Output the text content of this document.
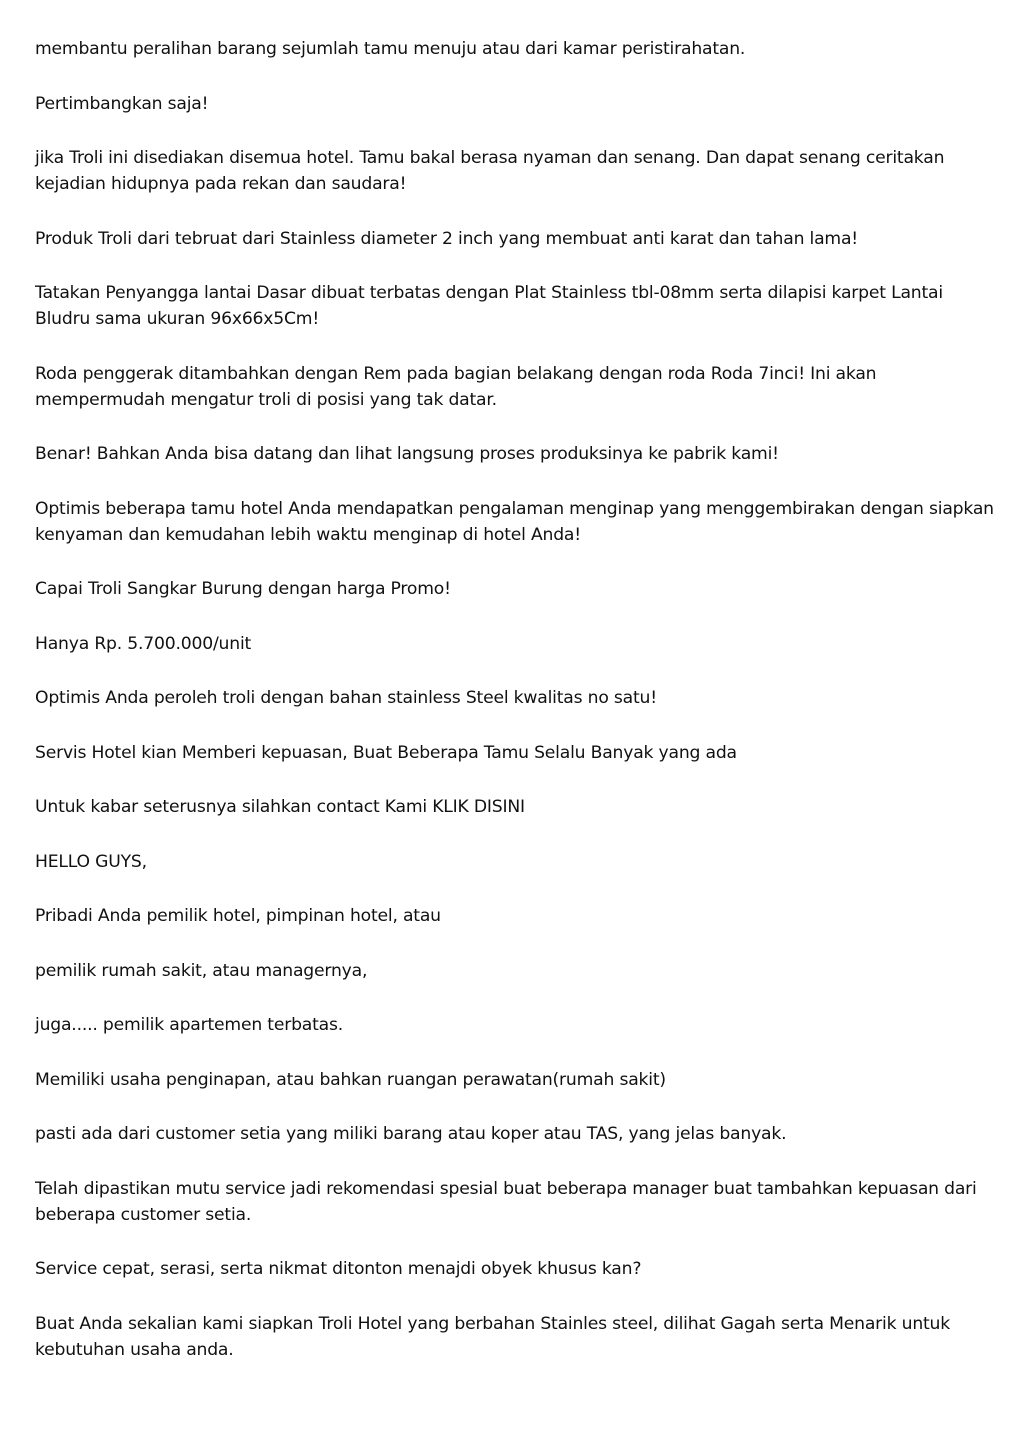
membantu peralihan barang sejumlah tamu menuju atau dari kamar peristirahatan.

Pertimbangkan saja!

jika Troli ini disediakan disemua hotel. Tamu bakal berasa nyaman dan senang. Dan dapat senang ceritakan kejadian hidupnya pada rekan dan saudara!

Produk Troli dari tebruat dari Stainless diameter 2 inch yang membuat anti karat dan tahan lama!

Tatakan Penyangga lantai Dasar dibuat terbatas dengan Plat Stainless tbl-08mm serta dilapisi karpet Lantai Bludru sama ukuran 96x66x5Cm!

Roda penggerak ditambahkan dengan Rem pada bagian belakang dengan roda Roda 7inci! Ini akan mempermudah mengatur troli di posisi yang tak datar.

Benar! Bahkan Anda bisa datang dan lihat langsung proses produksinya ke pabrik kami!

Optimis beberapa tamu hotel Anda mendapatkan pengalaman menginap yang menggembirakan dengan siapkan kenyaman dan kemudahan lebih waktu menginap di hotel Anda!

Capai Troli Sangkar Burung dengan harga Promo!

Hanya Rp. 5.700.000/unit

Optimis Anda peroleh troli dengan bahan stainless Steel kwalitas no satu!

Servis Hotel kian Memberi kepuasan, Buat Beberapa Tamu Selalu Banyak yang ada

Untuk kabar seterusnya silahkan contact Kami KLIK DISINI

HELLO GUYS,

Pribadi Anda pemilik hotel, pimpinan hotel, atau

pemilik rumah sakit, atau managernya,

juga..... pemilik apartemen terbatas.

Memiliki usaha penginapan, atau bahkan ruangan perawatan(rumah sakit)

pasti ada dari customer setia yang miliki barang atau koper atau TAS, yang jelas banyak.

Telah dipastikan mutu service jadi rekomendasi spesial buat beberapa manager buat tambahkan kepuasan dari beberapa customer setia.

Service cepat, serasi, serta nikmat ditonton menajdi obyek khusus kan?

Buat Anda sekalian kami siapkan Troli Hotel yang berbahan Stainles steel, dilihat Gagah serta Menarik untuk kebutuhan usaha anda.
